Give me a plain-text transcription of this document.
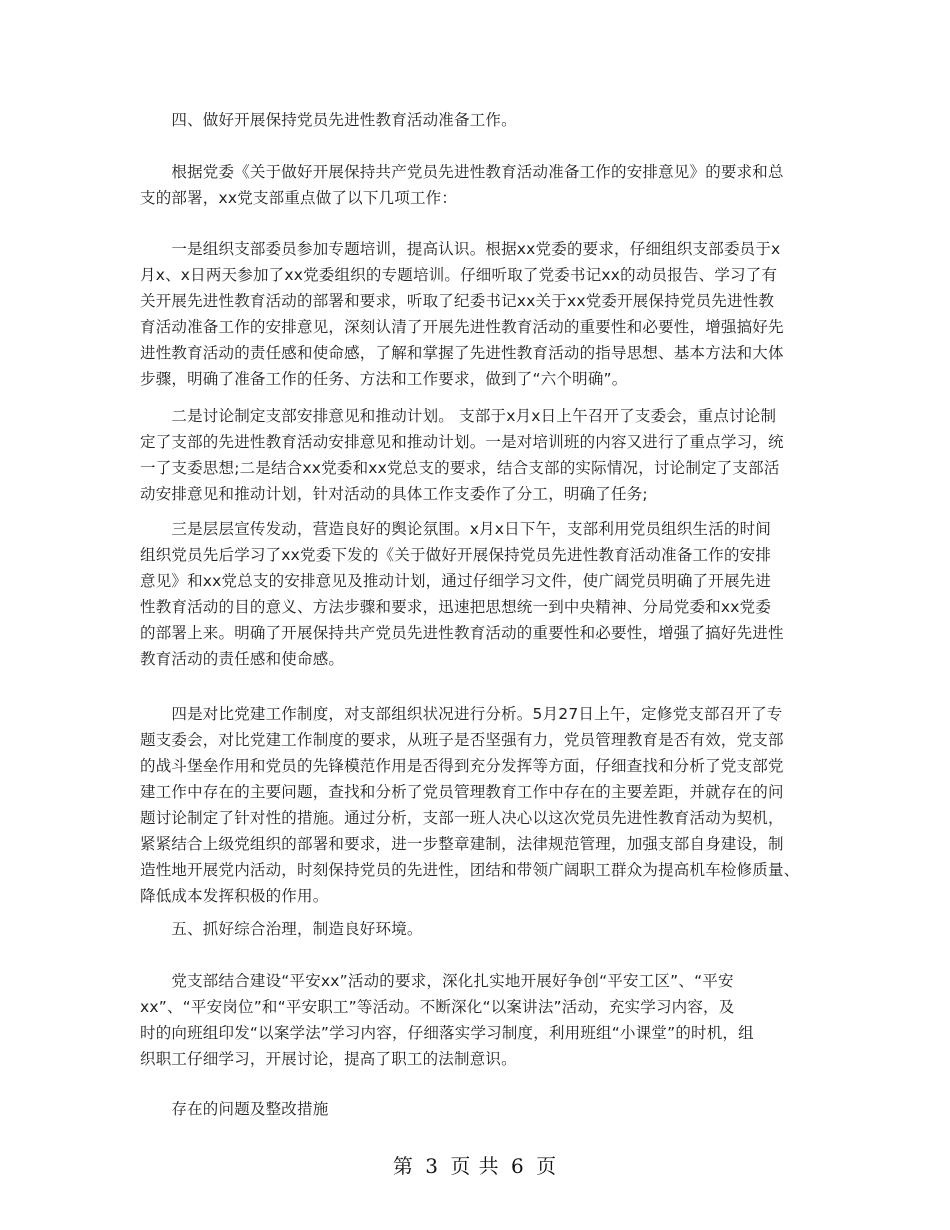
　　四、做好开展保持党员先进性教育活动准备工作。
　　根据党委《关于做好开展保持共产党员先进性教育活动准备工作的安排意见》的要求和总
支的部署，xx党支部重点做了以下几项工作：
　　一是组织支部委员参加专题培训，提高认识。根据xx党委的要求，仔细组织支部委员于x
月x、x日两天参加了xx党委组织的专题培训。仔细听取了党委书记xx的动员报告、学习了有
关开展先进性教育活动的部署和要求，听取了纪委书记xx关于xx党委开展保持党员先进性教
育活动准备工作的安排意见，深刻认清了开展先进性教育活动的重要性和必要性，增强搞好先
进性教育活动的责任感和使命感，了解和掌握了先进性教育活动的指导思想、基本方法和大体
步骤，明确了准备工作的任务、方法和工作要求，做到了“六个明确”。
　　二是讨论制定支部安排意见和推动计划。 支部于x月x日上午召开了支委会，重点讨论制
定了支部的先进性教育活动安排意见和推动计划。一是对培训班的内容又进行了重点学习，统
一了支委思想;二是结合xx党委和xx党总支的要求，结合支部的实际情况，讨论制定了支部活
动安排意见和推动计划，针对活动的具体工作支委作了分工，明确了任务;
　　三是层层宣传发动，营造良好的舆论氛围。x月x日下午，支部利用党员组织生活的时间
组织党员先后学习了xx党委下发的《关于做好开展保持党员先进性教育活动准备工作的安排
意见》和xx党总支的安排意见及推动计划，通过仔细学习文件，使广阔党员明确了开展先进
性教育活动的目的意义、方法步骤和要求，迅速把思想统一到中央精神、分局党委和xx党委
的部署上来。明确了开展保持共产党员先进性教育活动的重要性和必要性，增强了搞好先进性
教育活动的责任感和使命感。
　　四是对比党建工作制度，对支部组织状况进行分析。5月27日上午，定修党支部召开了专
题支委会，对比党建工作制度的要求，从班子是否坚强有力，党员管理教育是否有效，党支部
的战斗堡垒作用和党员的先锋模范作用是否得到充分发挥等方面，仔细查找和分析了党支部党
建工作中存在的主要问题，查找和分析了党员管理教育工作中存在的主要差距，并就存在的问
题讨论制定了针对性的措施。通过分析，支部一班人决心以这次党员先进性教育活动为契机，
紧紧结合上级党组织的部署和要求，进一步整章建制，法律规范管理，加强支部自身建设，制
造性地开展党内活动，时刻保持党员的先进性，团结和带领广阔职工群众为提高机车检修质量、
降低成本发挥积极的作用。
　　五、抓好综合治理，制造良好环境。
　　党支部结合建设“平安xx”活动的要求，深化扎实地开展好争创“平安工区”、“平安
xx”、“平安岗位”和“平安职工”等活动。不断深化“以案讲法”活动，充实学习内容，及
时的向班组印发“以案学法”学习内容，仔细落实学习制度，利用班组“小课堂”的时机，组
织职工仔细学习，开展讨论，提高了职工的法制意识。
　　存在的问题及整改措施
第 3 页 共 6 页
